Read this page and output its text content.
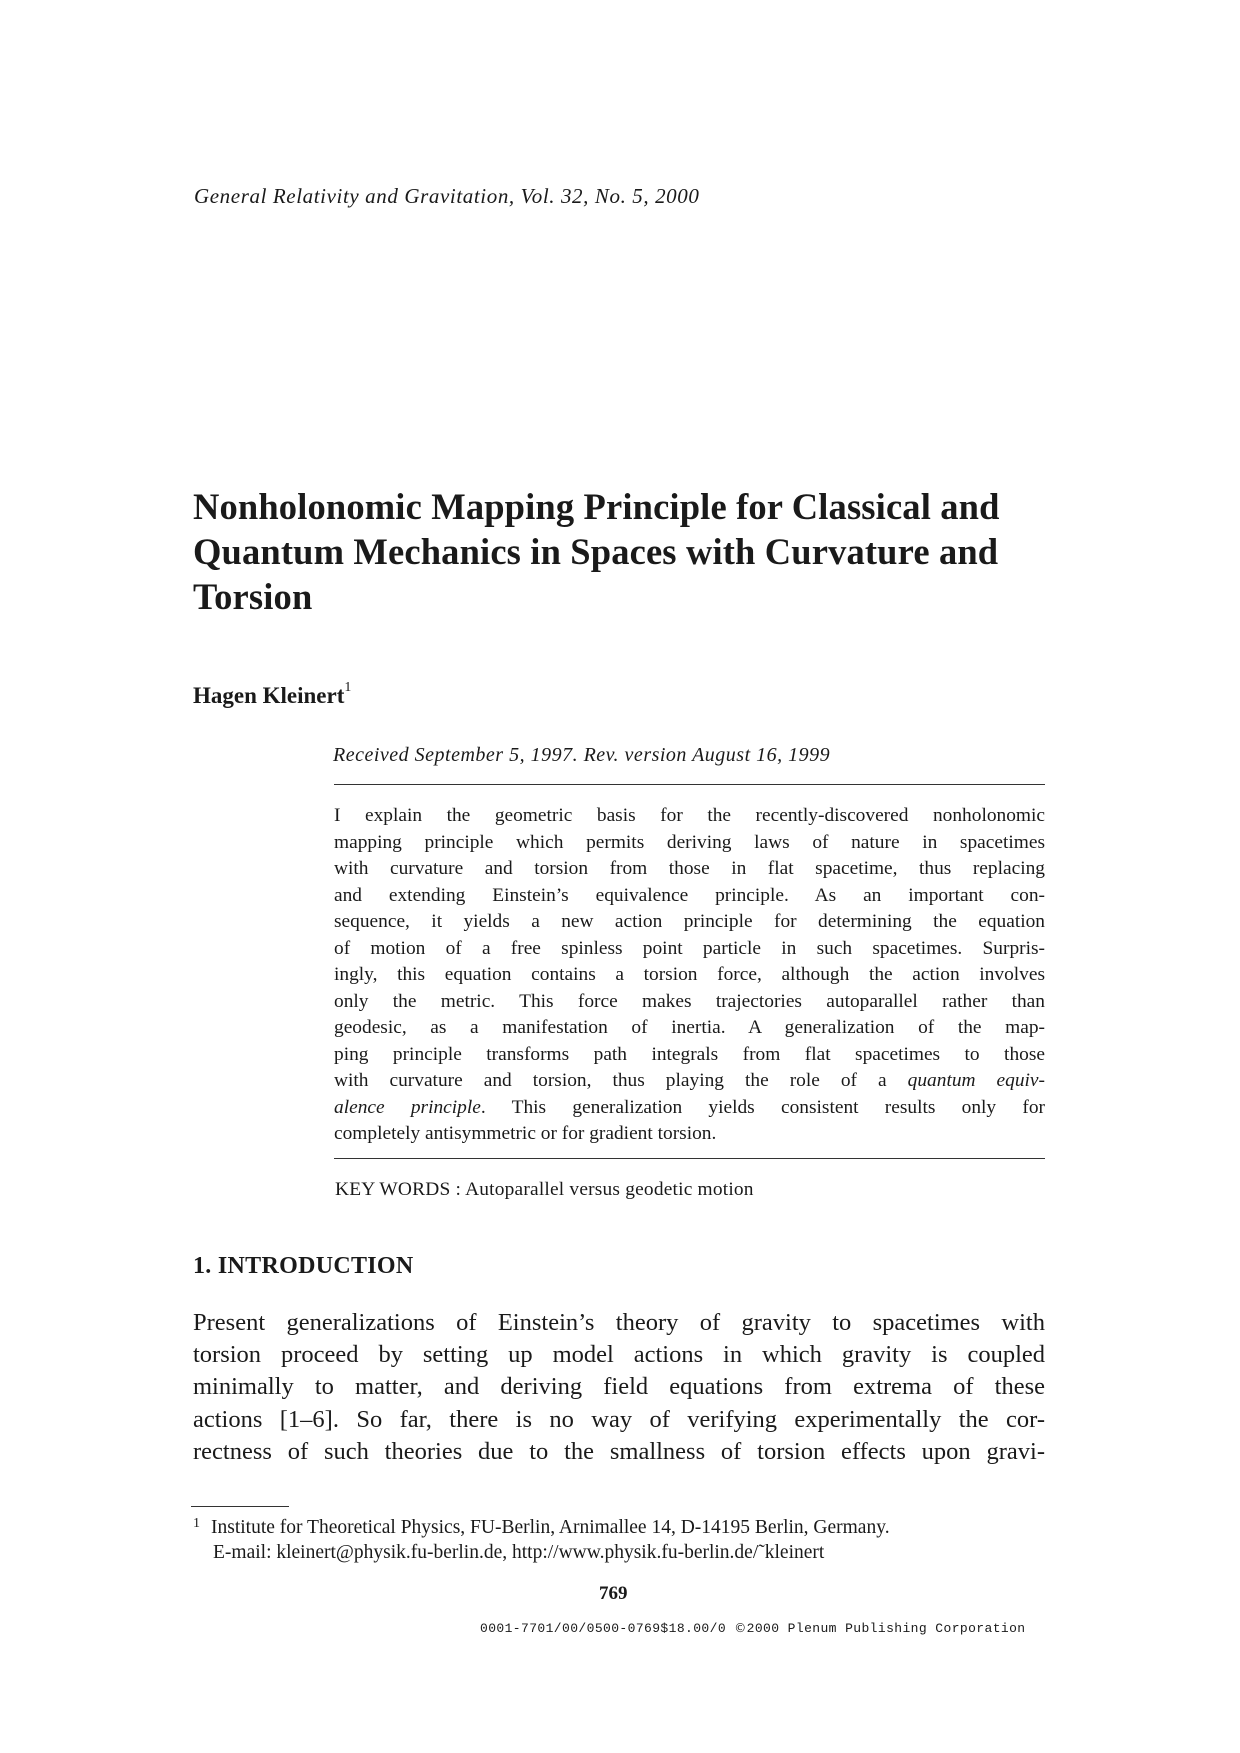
General Relativity and Gravitation, Vol. 32, No. 5, 2000
Nonholonomic Mapping Principle for Classical and
Quantum Mechanics in Spaces with Curvature and
Torsion
Hagen Kleinert$^1$
Received September 5, 1997. Rev. version August 16, 1999
I explain the geometric basis for the recently-discovered nonholonomic
mapping principle which permits deriving laws of nature in spacetimes
with curvature and torsion from those in flat spacetime, thus replacing
and extending Einstein’s equivalence principle. As an important con-
sequence, it yields a new action principle for determining the equation
of motion of a free spinless point particle in such spacetimes. Surpris-
ingly, this equation contains a torsion force, although the action involves
only the metric. This force makes trajectories autoparallel rather than
geodesic, as a manifestation of inertia. A generalization of the map-
ping principle transforms path integrals from flat spacetimes to those
with curvature and torsion, thus playing the role of a quantum equiv-
alence principle. This generalization yields consistent results only for
completely antisymmetric or for gradient torsion.
KEY WORDS : Autoparallel versus geodetic motion
1. INTRODUCTION
Present generalizations of Einstein’s theory of gravity to spacetimes with
torsion proceed by setting up model actions in which gravity is coupled
minimally to matter, and deriving field equations from extrema of these
actions [1–6]. So far, there is no way of verifying experimentally the cor-
rectness of such theories due to the smallness of torsion effects upon gravi-
1 Institute for Theoretical Physics, FU-Berlin, Arnimallee 14, D-14195 Berlin, Germany.
E-mail: kleinert@physik.fu-berlin.de, http://www.physik.fu-berlin.de/˜kleinert
769
0001-7701/00/0500-0769$18.00/0 ©2000 Plenum Publishing Corporation
